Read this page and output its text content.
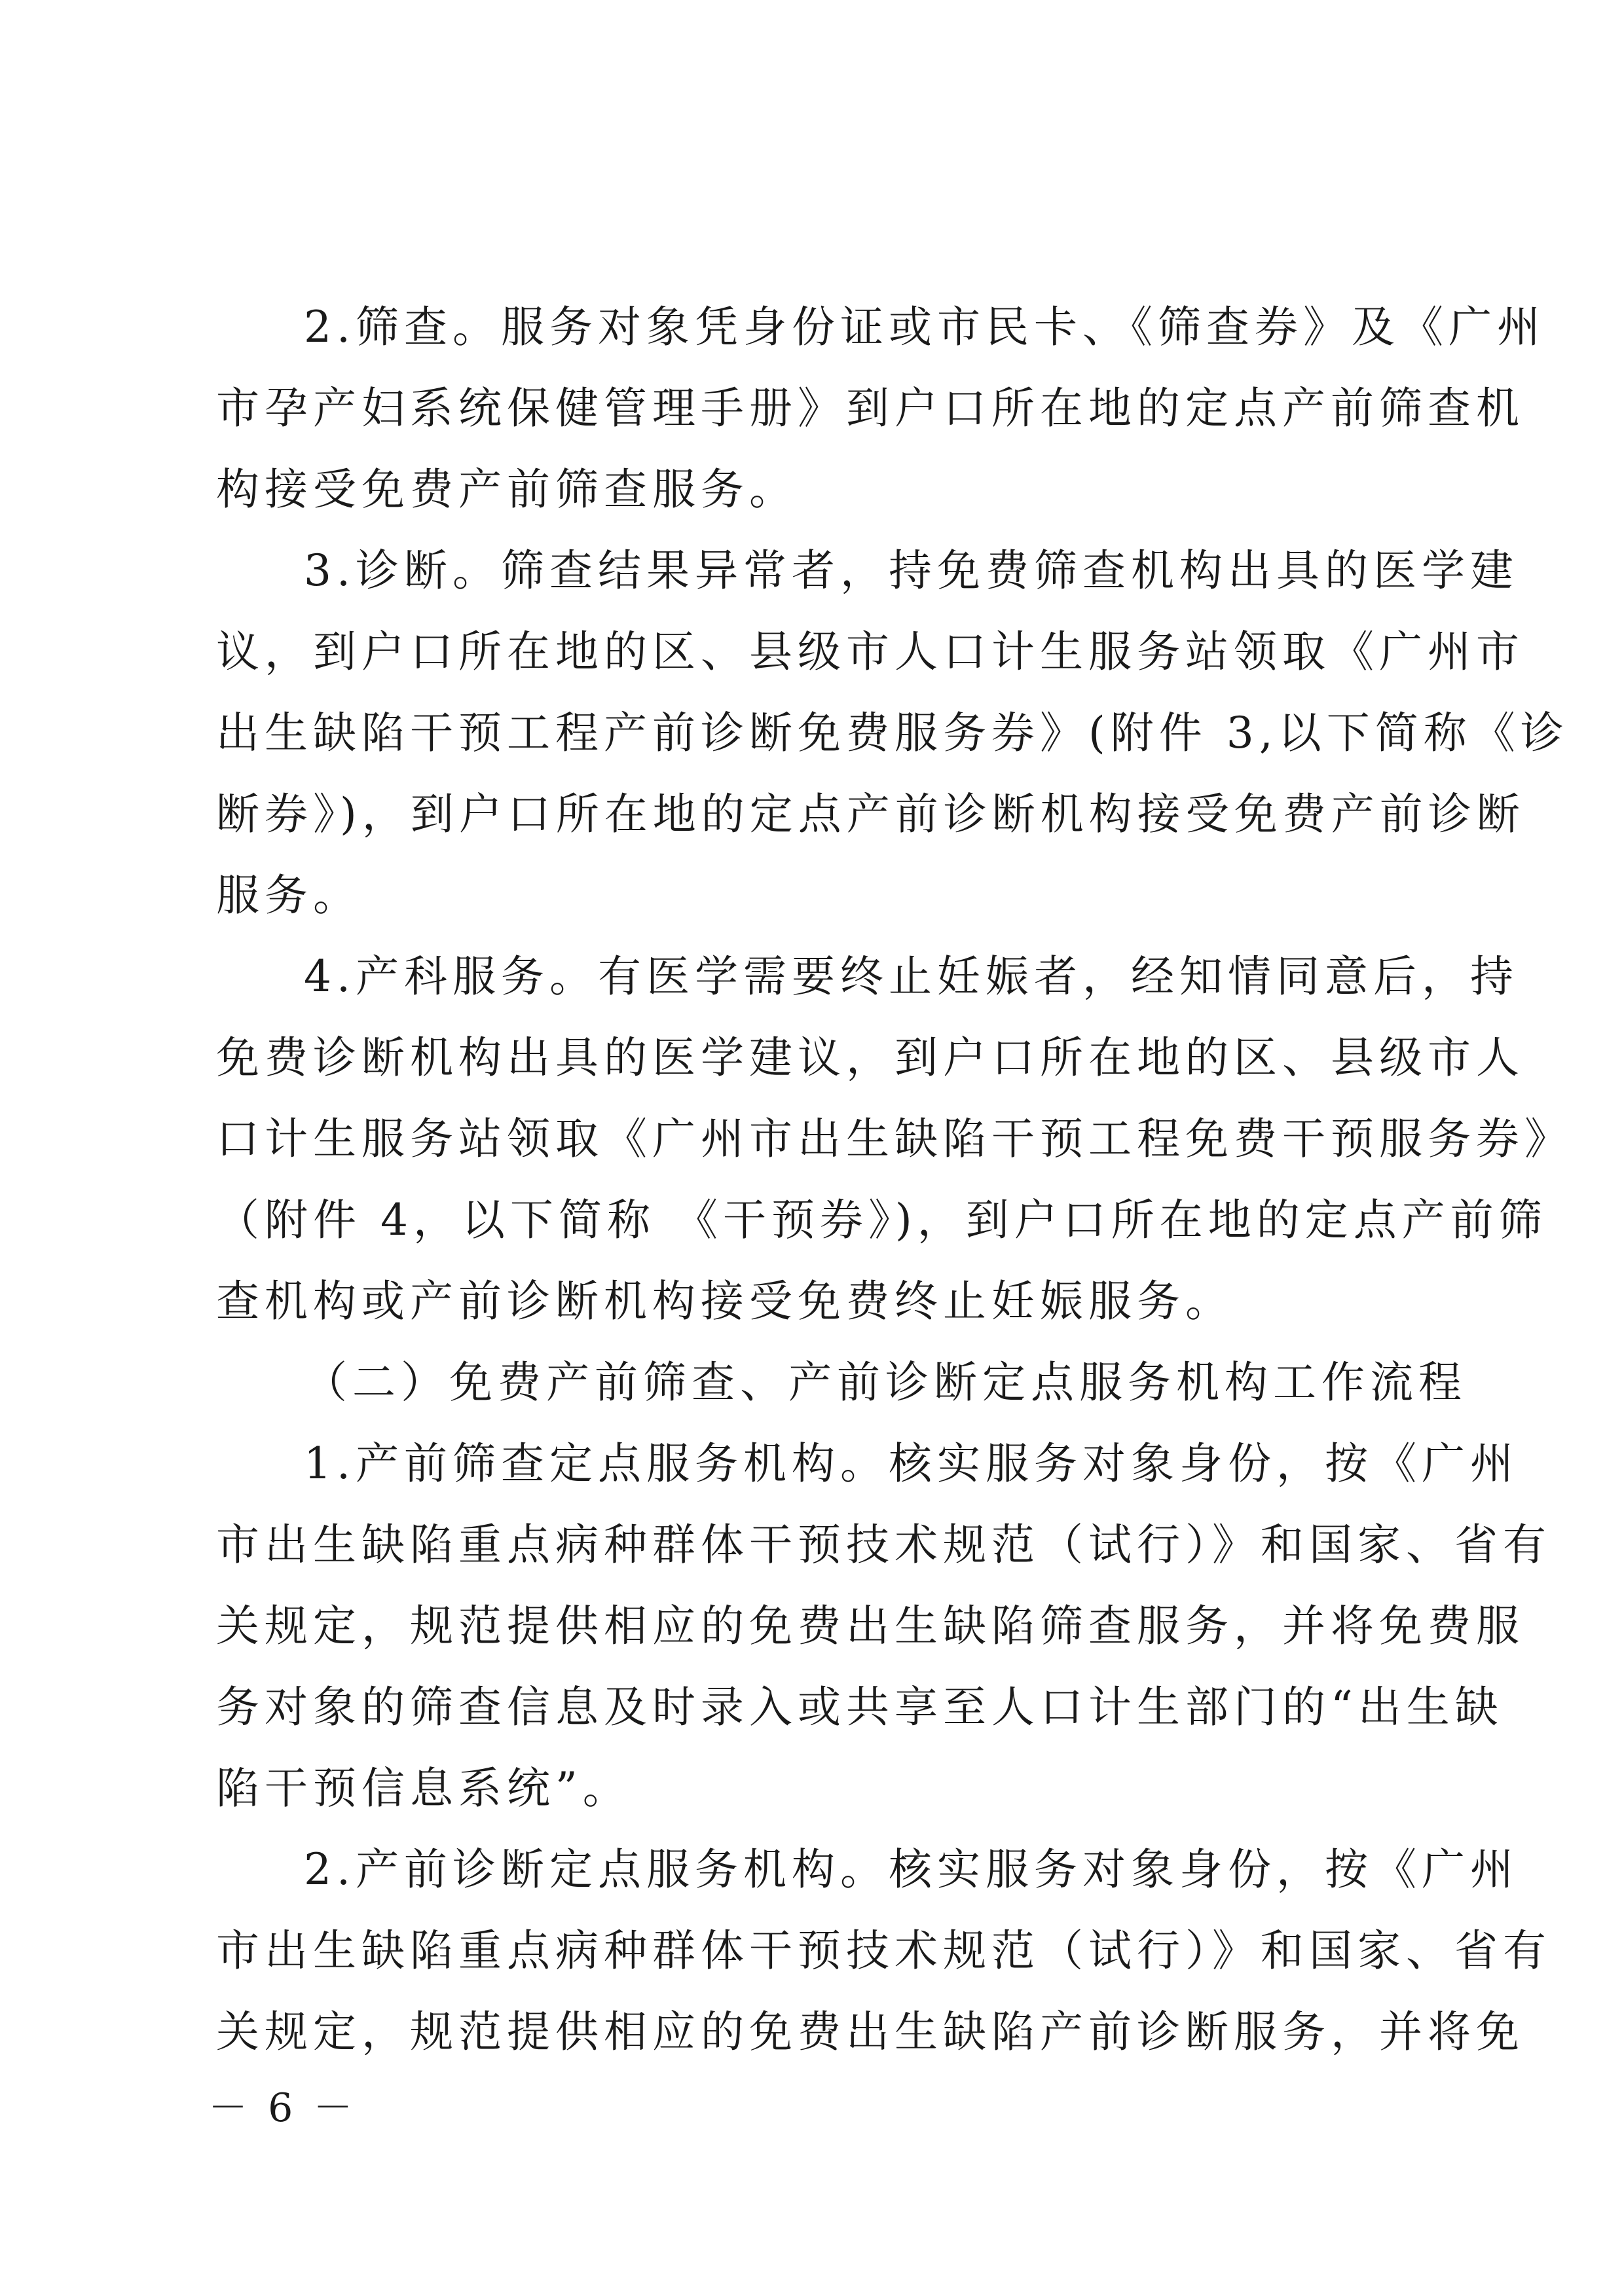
2.筛查。服务对象凭身份证或市民卡、《筛查券》及《广州
市孕产妇系统保健管理手册》到户口所在地的定点产前筛查机
构接受免费产前筛查服务。
3.诊断。筛查结果异常者，持免费筛查机构出具的医学建
议，到户口所在地的区、县级市人口计生服务站领取《广州市
出生缺陷干预工程产前诊断免费服务券》(附件 3,以下简称《诊
断券》)，到户口所在地的定点产前诊断机构接受免费产前诊断
服务。
4.产科服务。有医学需要终止妊娠者，经知情同意后，持
免费诊断机构出具的医学建议，到户口所在地的区、县级市人
口计生服务站领取《广州市出生缺陷干预工程免费干预服务券》
（附件 4，以下简称 《干预券》)，到户口所在地的定点产前筛
查机构或产前诊断机构接受免费终止妊娠服务。
（二）免费产前筛查、产前诊断定点服务机构工作流程
1.产前筛查定点服务机构。核实服务对象身份，按《广州
市出生缺陷重点病种群体干预技术规范（试行）》和国家、省有
关规定，规范提供相应的免费出生缺陷筛查服务，并将免费服
务对象的筛查信息及时录入或共享至人口计生部门的“出生缺
陷干预信息系统”。
2.产前诊断定点服务机构。核实服务对象身份，按《广州
市出生缺陷重点病种群体干预技术规范（试行）》和国家、省有
关规定，规范提供相应的免费出生缺陷产前诊断服务，并将免
－ 6 －
